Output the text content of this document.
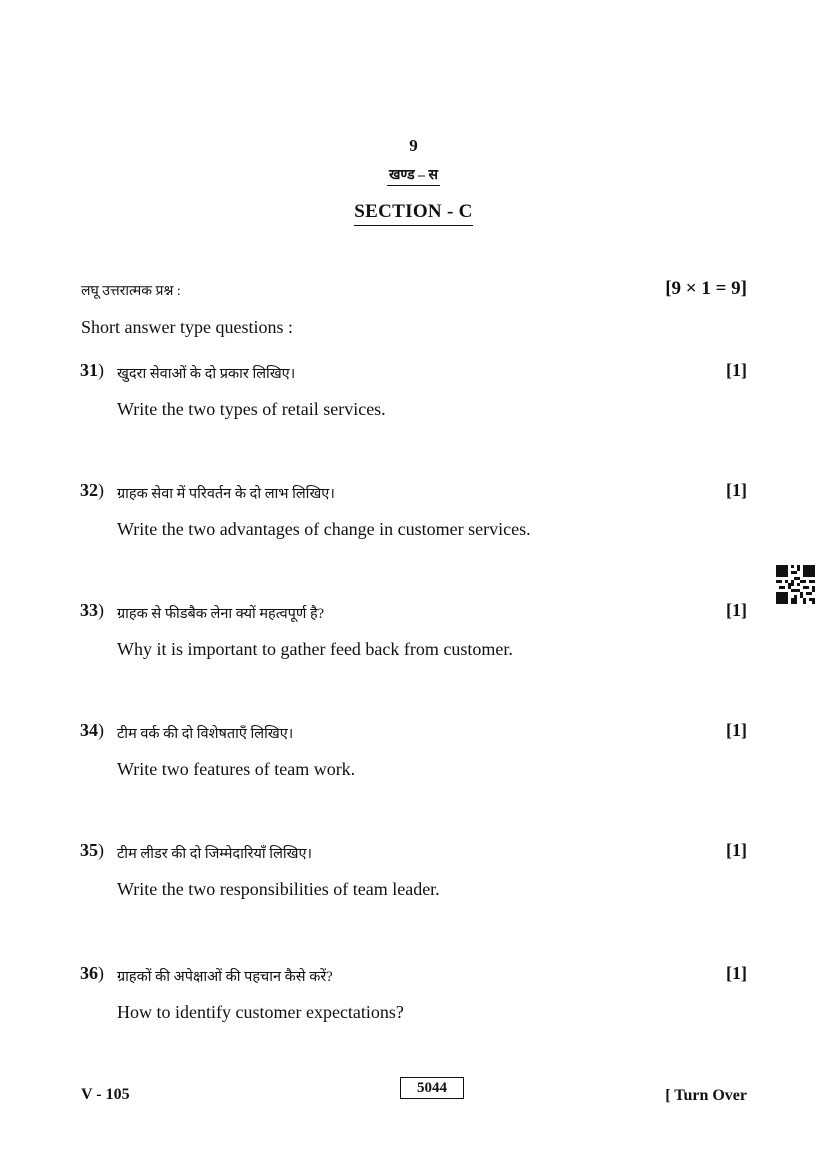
9
खण्ड – स
SECTION - C
लघू उत्तरात्मक प्रश्न :	[9 × 1 = 9]
Short answer type questions :
31) खुदरा सेवाओं के दो प्रकार लिखिए।	[1]
Write the two types of retail services.
32) ग्राहक सेवा में परिवर्तन के दो लाभ लिखिए।	[1]
Write the two advantages of change in customer services.
33) ग्राहक से फीडबैक लेना क्यों महत्वपूर्ण है?	[1]
Why it is important to gather feed back from customer.
34) टीम वर्क की दो विशेषताएँ लिखिए।	[1]
Write two features of team work.
35) टीम लीडर की दो जिम्मेदारियाँ लिखिए।	[1]
Write the two responsibilities of team leader.
36) ग्राहकों की अपेक्षाओं की पहचान कैसे करें?	[1]
How to identify customer expectations?
V - 105	5044	[ Turn Over
